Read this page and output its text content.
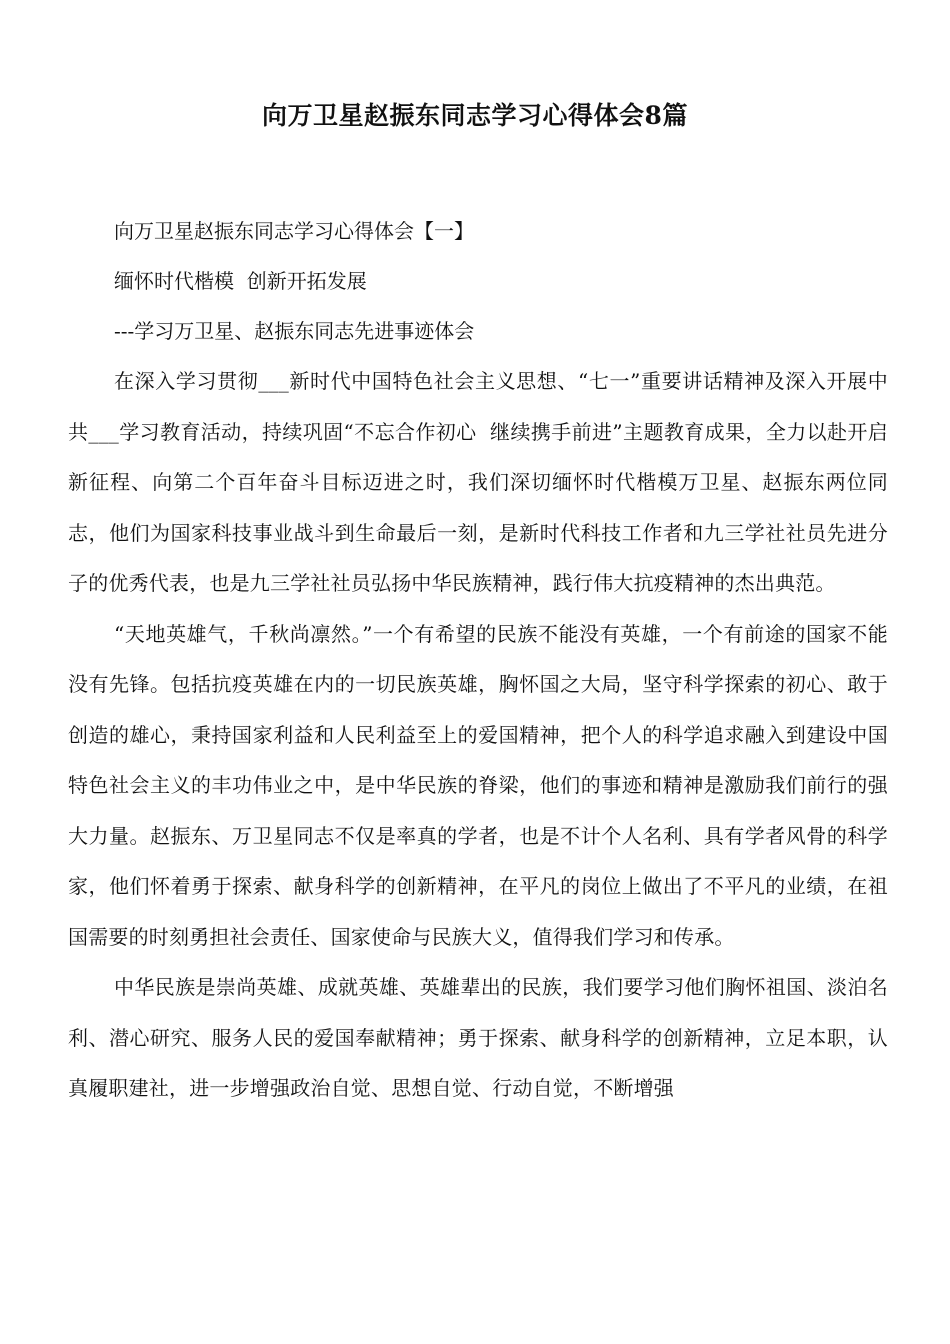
向万卫星赵振东同志学习心得体会8篇

向万卫星赵振东同志学习心得体会【一】

缅怀时代楷模  创新开拓发展

---学习万卫星、赵振东同志先进事迹体会

在深入学习贯彻___新时代中国特色社会主义思想、“七一”重要讲话精神及深入开展中共___学习教育活动，持续巩固“不忘合作初心  继续携手前进”主题教育成果，全力以赴开启新征程、向第二个百年奋斗目标迈进之时，我们深切缅怀时代楷模万卫星、赵振东两位同志，他们为国家科技事业战斗到生命最后一刻，是新时代科技工作者和九三学社社员先进分子的优秀代表，也是九三学社社员弘扬中华民族精神，践行伟大抗疫精神的杰出典范。

“天地英雄气，千秋尚凛然。”一个有希望的民族不能没有英雄，一个有前途的国家不能没有先锋。包括抗疫英雄在内的一切民族英雄，胸怀国之大局，坚守科学探索的初心、敢于创造的雄心，秉持国家利益和人民利益至上的爱国精神，把个人的科学追求融入到建设中国特色社会主义的丰功伟业之中，是中华民族的脊梁，他们的事迹和精神是激励我们前行的强大力量。赵振东、万卫星同志不仅是率真的学者，也是不计个人名利、具有学者风骨的科学家，他们怀着勇于探索、献身科学的创新精神，在平凡的岗位上做出了不平凡的业绩，在祖国需要的时刻勇担社会责任、国家使命与民族大义，值得我们学习和传承。

中华民族是崇尚英雄、成就英雄、英雄辈出的民族，我们要学习他们胸怀祖国、淡泊名利、潜心研究、服务人民的爱国奉献精神；勇于探索、献身科学的创新精神，立足本职，认真履职建社，进一步增强政治自觉、思想自觉、行动自觉，不断增强
